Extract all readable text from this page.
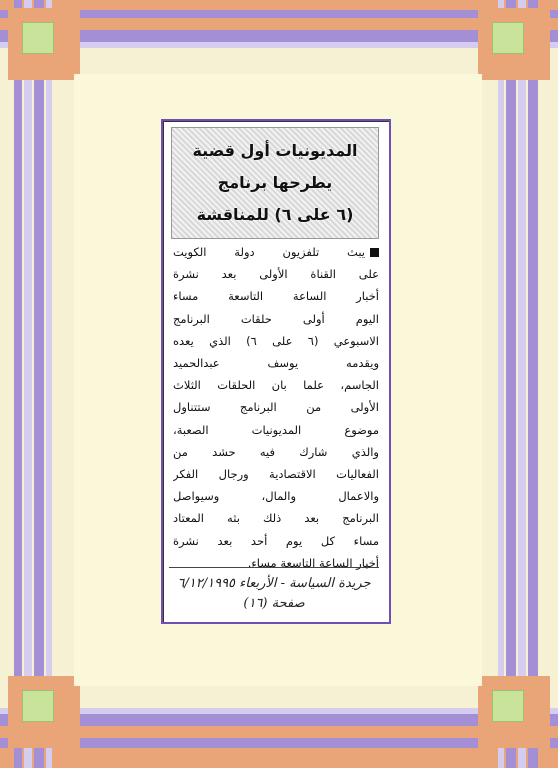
المديونيات أول قضية
يطرحها برنامج
(٦ على ٦) للمناقشة
يبث تلفزيون دولة الكويت
على القناة الأولى بعد نشرة
أخبار الساعة التاسعة مساء
اليوم أولى حلقات البرنامج
الاسبوعي (٦ على ٦) الذي يعده
ويقدمه يوسف عبدالحميد
الجاسم، علما بان الحلقات الثلاث
الأولى من البرنامج ستتناول
موضوع المديونيات الصعبة،
والذي شارك فيه حشد من
الفعاليات الاقتصادية ورجال الفكر
والاعمال والمال، وسيواصل
البرنامج بعد ذلك بثه المعتاد
مساء كل يوم أحد بعد نشرة
أخبار الساعة التاسعة مساء.
جريدة السياسة - الأربعاء ٦/١٢/١٩٩٥
صفحة (١٦)
